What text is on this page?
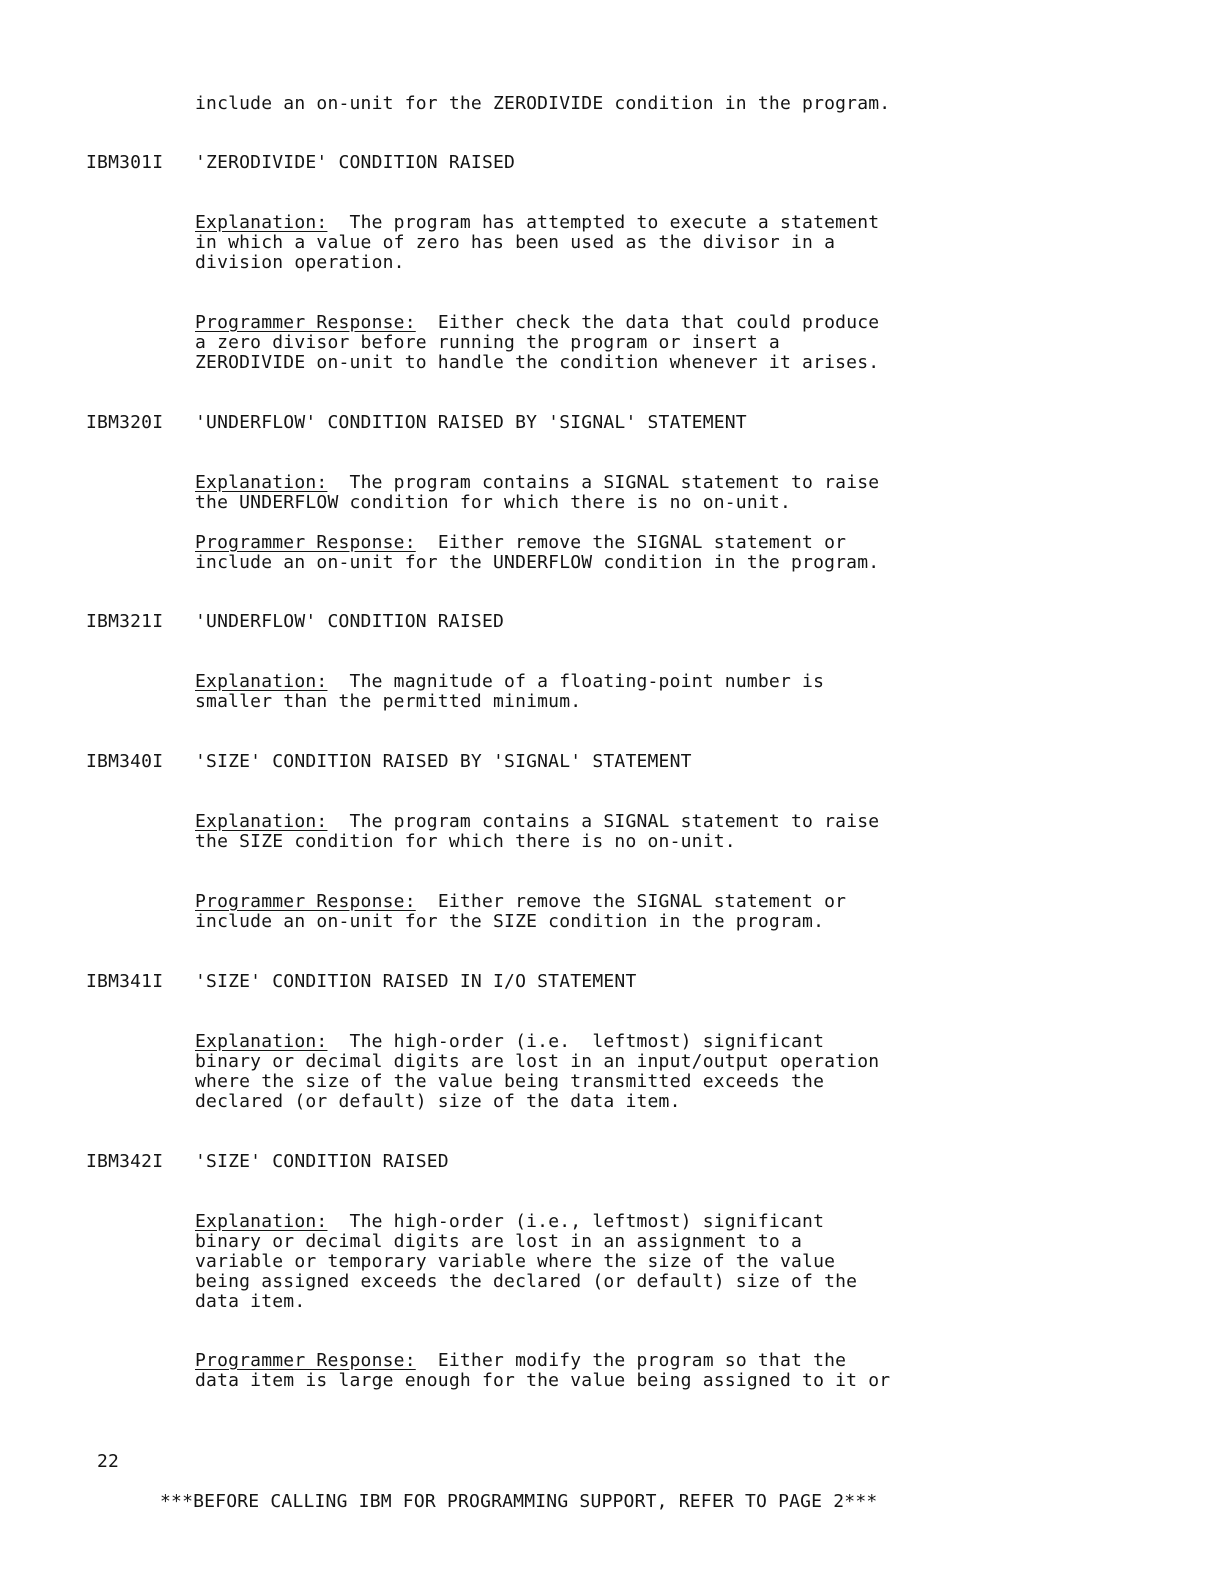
include an on-unit for the ZERODIVIDE condition in the program.
IBM301I 'ZERODIVIDE' CONDITION RAISED
Explanation:  The program has attempted to execute a statement
in which a value of zero has been used as the divisor in a
division operation.
Programmer Response:  Either check the data that could produce
a zero divisor before running the program or insert a
ZERODIVIDE on-unit to handle the condition whenever it arises.
IBM320I 'UNDERFLOW' CONDITION RAISED BY 'SIGNAL' STATEMENT
Explanation:  The program contains a SIGNAL statement to raise
the UNDERFLOW condition for which there is no on-unit.
Programmer Response:  Either remove the SIGNAL statement or
include an on-unit for the UNDERFLOW condition in the program.
IBM321I 'UNDERFLOW' CONDITION RAISED
Explanation:  The magnitude of a floating-point number is
smaller than the permitted minimum.
IBM340I 'SIZE' CONDITION RAISED BY 'SIGNAL' STATEMENT
Explanation:  The program contains a SIGNAL statement to raise
the SIZE condition for which there is no on-unit.
Programmer Response:  Either remove the SIGNAL statement or
include an on-unit for the SIZE condition in the program.
IBM341I 'SIZE' CONDITION RAISED IN I/O STATEMENT
Explanation:  The high-order (i.e.  leftmost) significant
binary or decimal digits are lost in an input/output operation
where the size of the value being transmitted exceeds the
declared (or default) size of the data item.
IBM342I 'SIZE' CONDITION RAISED
Explanation:  The high-order (i.e., leftmost) significant
binary or decimal digits are lost in an assignment to a
variable or temporary variable where the size of the value
being assigned exceeds the declared (or default) size of the
data item.
Programmer Response:  Either modify the program so that the
data item is large enough for the value being assigned to it or
22
***BEFORE CALLING IBM FOR PROGRAMMING SUPPORT, REFER TO PAGE 2***
